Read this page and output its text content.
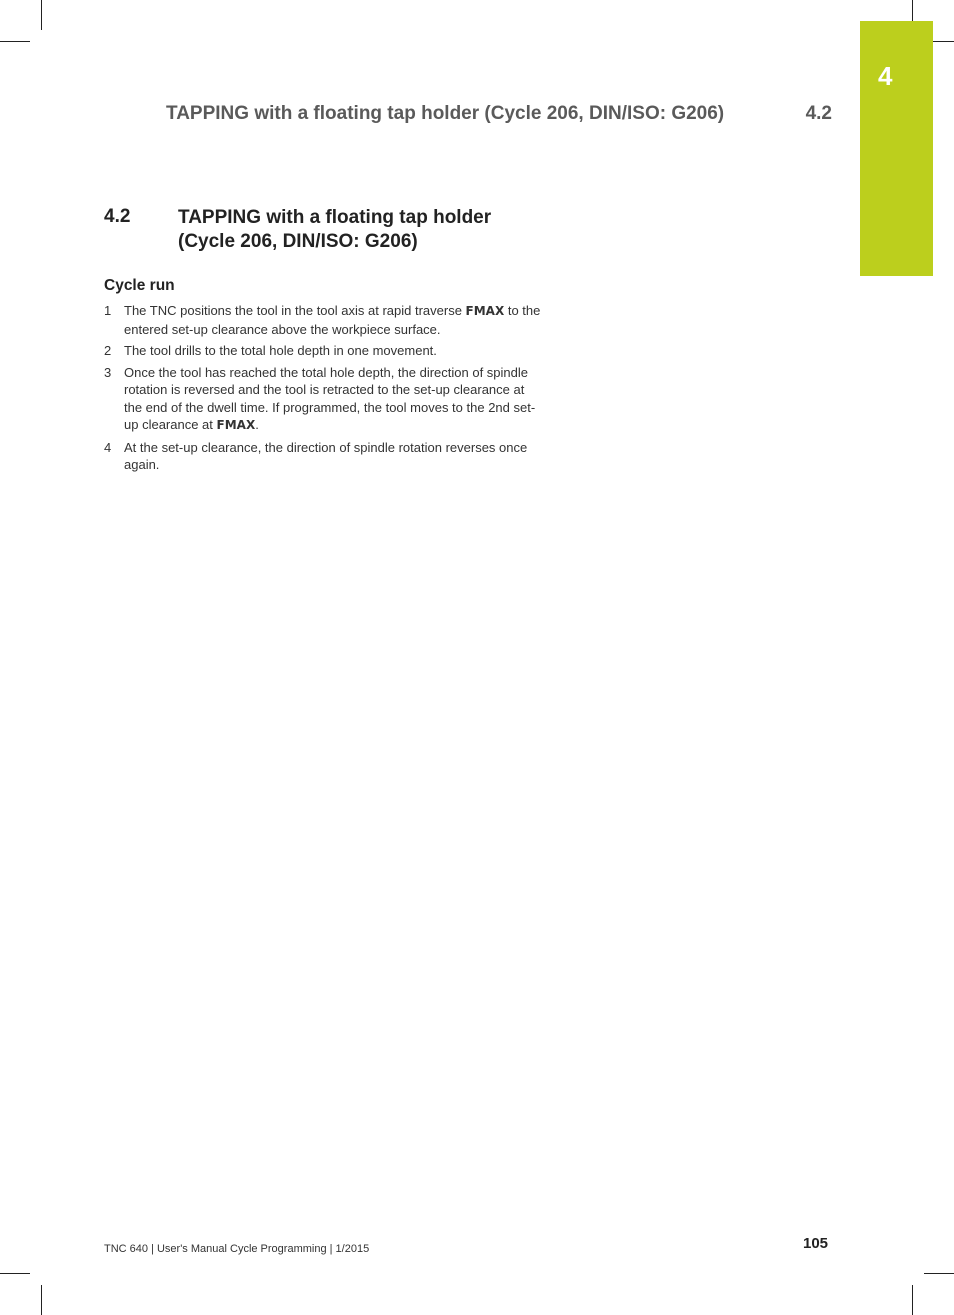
4
TAPPING with a floating tap holder (Cycle 206, DIN/ISO: G206)	4.2
4.2	TAPPING with a floating tap holder
(Cycle 206, DIN/ISO: G206)
Cycle run
1 The TNC positions the tool in the tool axis at rapid traverse FMAX to the entered set-up clearance above the workpiece surface.
2 The tool drills to the total hole depth in one movement.
3 Once the tool has reached the total hole depth, the direction of spindle rotation is reversed and the tool is retracted to the set-up clearance at the end of the dwell time. If programmed, the tool moves to the 2nd set-up clearance at FMAX.
4 At the set-up clearance, the direction of spindle rotation reverses once again.
TNC 640 | User's Manual Cycle Programming | 1/2015	105
